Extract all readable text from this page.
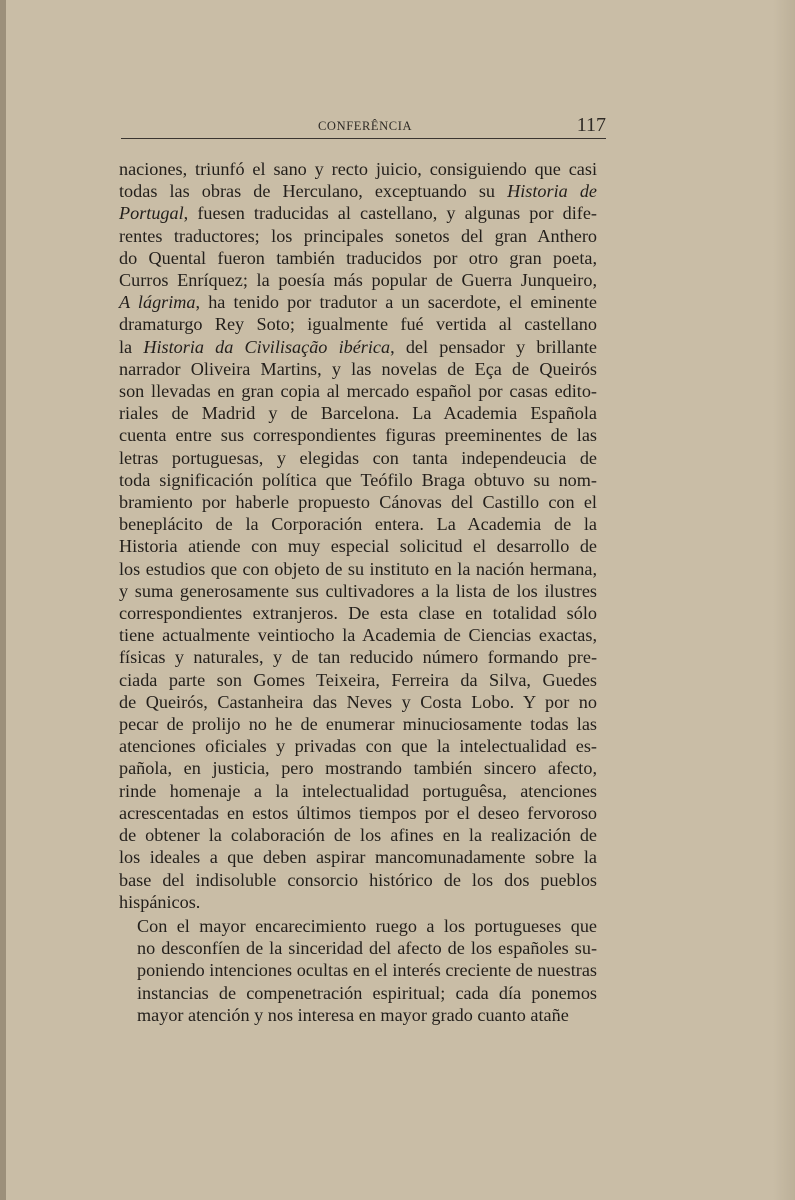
CONFERÊNCIA	117

naciones, triunfó el sano y recto juicio, consiguiendo que casi
todas las obras de Herculano, exceptuando su Historia de
Portugal, fuesen traducidas al castellano, y algunas por dife-
rentes traductores; los principales sonetos del gran Anthero
do Quental fueron también traducidos por otro gran poeta,
Curros Enríquez; la poesía más popular de Guerra Junqueiro,
A lágrima, ha tenido por tradutor a un sacerdote, el eminente
dramaturgo Rey Soto; igualmente fué vertida al castellano
la Historia da Civilisação ibérica, del pensador y brillante
narrador Oliveira Martins, y las novelas de Eça de Queirós
son llevadas en gran copia al mercado español por casas edito-
riales de Madrid y de Barcelona. La Academia Española
cuenta entre sus correspondientes figuras preeminentes de las
letras portuguesas, y elegidas con tanta independeucia de
toda significación política que Teófilo Braga obtuvo su nom-
bramiento por haberle propuesto Cánovas del Castillo con el
beneplácito de la Corporación entera. La Academia de la
Historia atiende con muy especial solicitud el desarrollo de
los estudios que con objeto de su instituto en la nación hermana,
y suma generosamente sus cultivadores a la lista de los ilustres
correspondientes extranjeros. De esta clase en totalidad sólo
tiene actualmente veintiocho la Academia de Ciencias exactas,
físicas y naturales, y de tan reducido número formando pre-
ciada parte son Gomes Teixeira, Ferreira da Silva, Guedes
de Queirós, Castanheira das Neves y Costa Lobo. Y por no
pecar de prolijo no he de enumerar minuciosamente todas las
atenciones oficiales y privadas con que la intelectualidad es-
pañola, en justicia, pero mostrando también sincero afecto,
rinde homenaje a la intelectualidad portuguêsa, atenciones
acrescentadas en estos últimos tiempos por el deseo fervoroso
de obtener la colaboración de los afines en la realización de
los ideales a que deben aspirar mancomunadamente sobre la
base del indisoluble consorcio histórico de los dos pueblos
hispánicos.

Con el mayor encarecimiento ruego a los portugueses que
no desconfíen de la sinceridad del afecto de los españoles su-
poniendo intenciones ocultas en el interés creciente de nuestras
instancias de compenetración espiritual; cada día ponemos
mayor atención y nos interesa en mayor grado cuanto atañe
